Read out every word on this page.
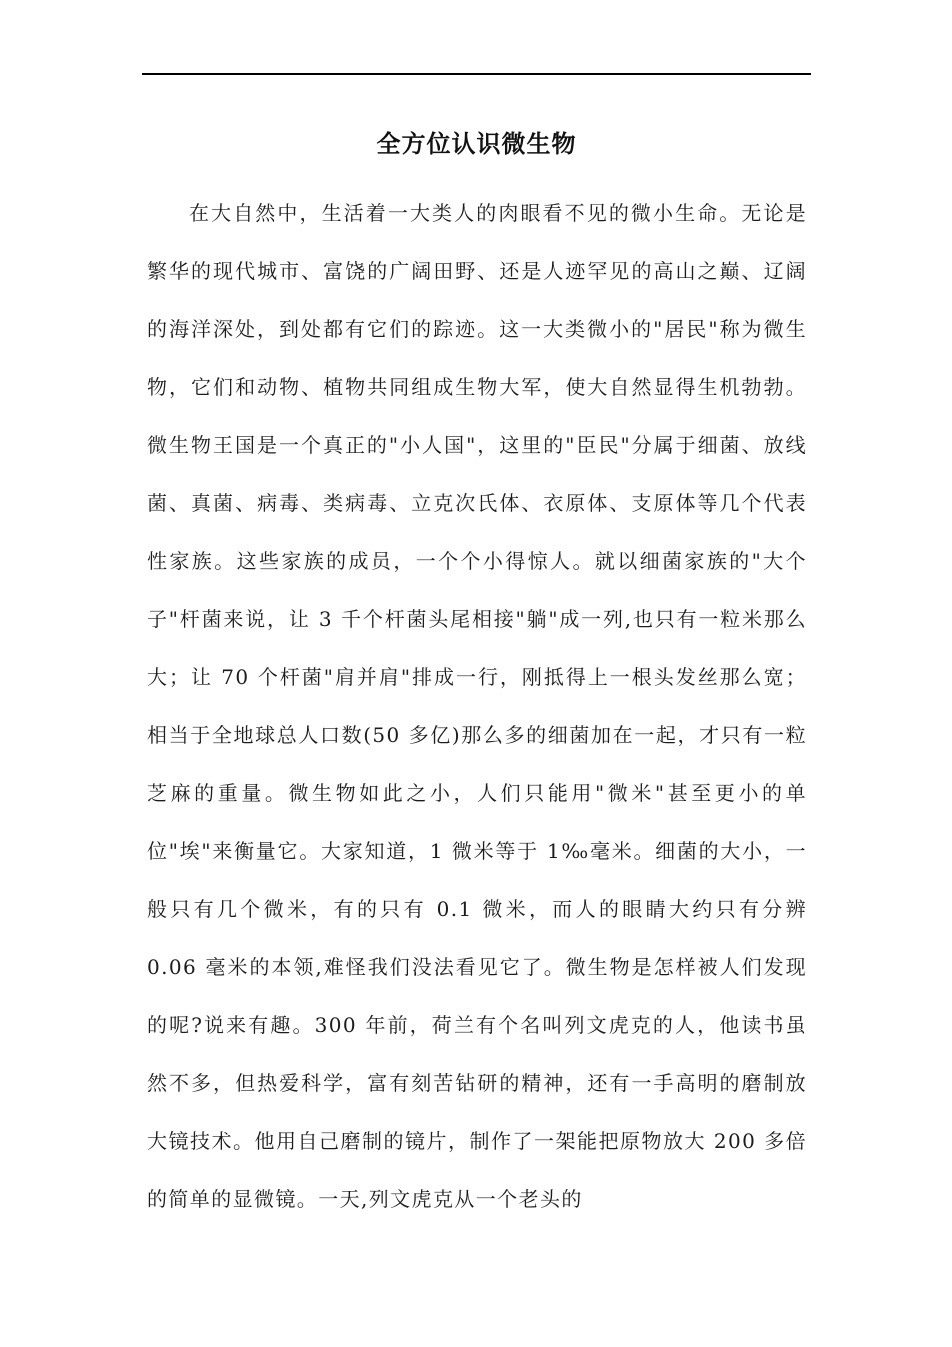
全方位认识微生物

在大自然中，生活着一大类人的肉眼看不见的微小生命。无论是繁华的现代城市、富饶的广阔田野、还是人迹罕见的高山之巅、辽阔的海洋深处，到处都有它们的踪迹。这一大类微小的"居民"称为微生物，它们和动物、植物共同组成生物大军，使大自然显得生机勃勃。微生物王国是一个真正的"小人国"，这里的"臣民"分属于细菌、放线菌、真菌、病毒、类病毒、立克次氏体、衣原体、支原体等几个代表性家族。这些家族的成员，一个个小得惊人。就以细菌家族的"大个子"杆菌来说，让 3 千个杆菌头尾相接"躺"成一列,也只有一粒米那么大；让 70 个杆菌"肩并肩"排成一行，刚抵得上一根头发丝那么宽；相当于全地球总人口数(50 多亿)那么多的细菌加在一起，才只有一粒芝麻的重量。微生物如此之小，人们只能用"微米"甚至更小的单位"埃"来衡量它。大家知道，1 微米等于 1‰毫米。细菌的大小，一般只有几个微米，有的只有 0.1 微米，而人的眼睛大约只有分辨 0.06 毫米的本领,难怪我们没法看见它了。微生物是怎样被人们发现的呢?说来有趣。300 年前，荷兰有个名叫列文虎克的人，他读书虽然不多，但热爱科学，富有刻苦钻研的精神，还有一手高明的磨制放大镜技术。他用自己磨制的镜片，制作了一架能把原物放大 200 多倍的简单的显微镜。一天,列文虎克从一个老头的
